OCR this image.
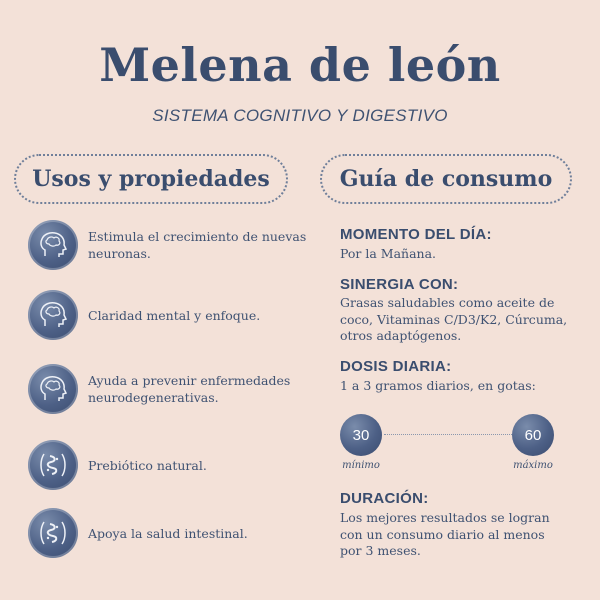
Melena de león
SISTEMA COGNITIVO Y DIGESTIVO
Usos y propiedades	Guía de consumo
Estimula el crecimiento de nuevas neuronas.
Claridad mental y enfoque.
Ayuda a prevenir enfermedades neurodegenerativas.
Prebiótico natural.
Apoya la salud intestinal.
MOMENTO DEL DÍA:
Por la Mañana.
SINERGIA CON:
Grasas saludables como aceite de coco, Vitaminas C/D3/K2, Cúrcuma, otros adaptógenos.
DOSIS DIARIA:
1 a 3 gramos diarios, en gotas:
30	60
mínimo	máximo
DURACIÓN:
Los mejores resultados se logran con un consumo diario al menos por 3 meses.
